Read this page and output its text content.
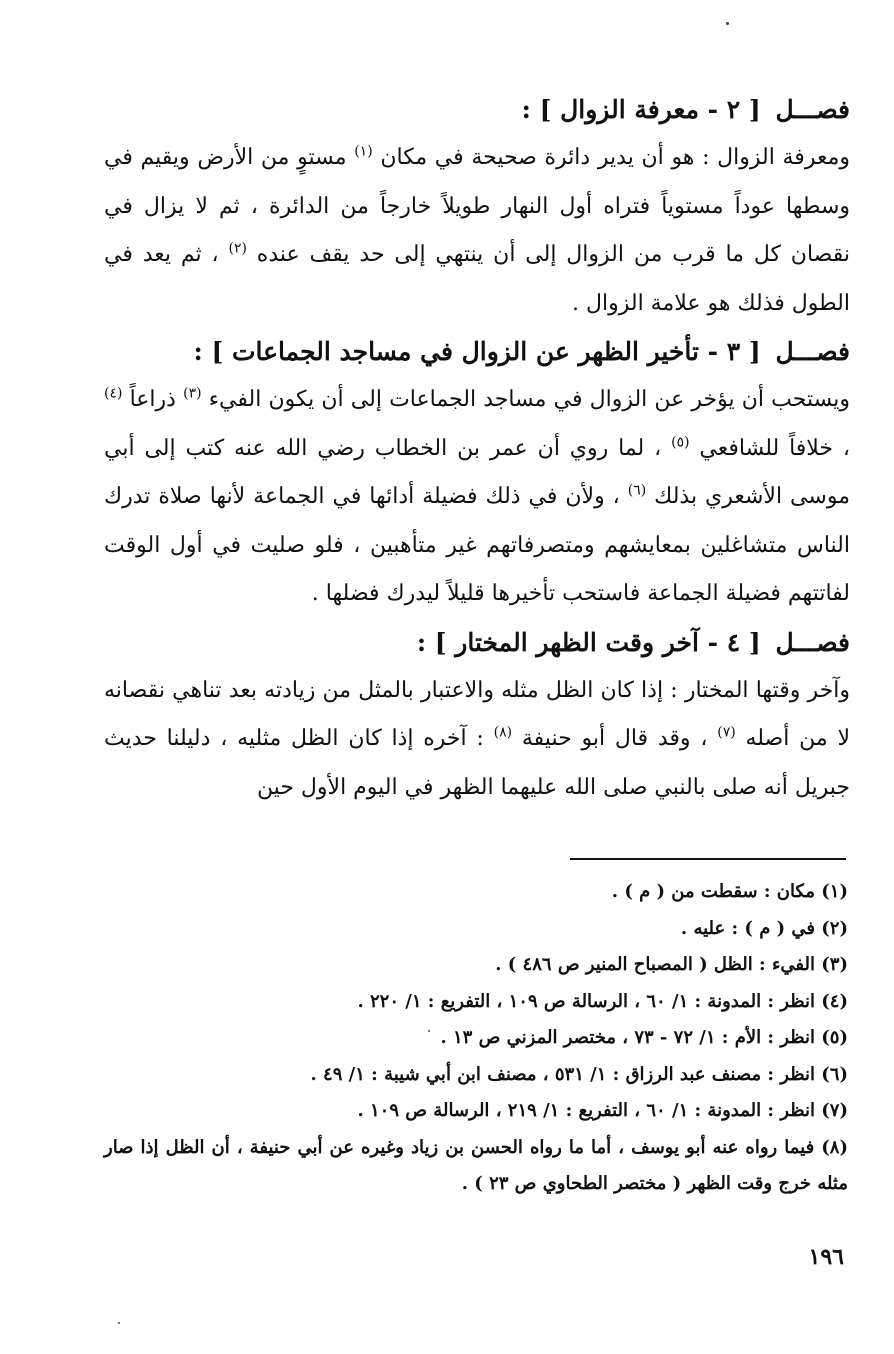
فصـــل [ ٢ - معرفة الزوال ] :

ومعرفة الزوال : هو أن يدير دائرة صحيحة في مكان $^{(١)}$ مستوٍ من الأرض ويقيم في وسطها عوداً مستوياً فتراه أول النهار طويلاً خارجاً من الدائرة ، ثم لا يزال في نقصان كل ما قرب من الزوال إلى أن ينتهي إلى حد يقف عنده $^{(٢)}$ ، ثم يعد في الطول فذلك هو علامة الزوال .

فصـــل [ ٣ - تأخير الظهر عن الزوال في مساجد الجماعات ] :

ويستحب أن يؤخر عن الزوال في مساجد الجماعات إلى أن يكون الفيء $^{(٣)}$ ذراعاً $^{(٤)}$ ، خلافاً للشافعي $^{(٥)}$ ، لما روي أن عمر بن الخطاب رضي الله عنه كتب إلى أبي موسى الأشعري بذلك $^{(٦)}$ ، ولأن في ذلك فضيلة أدائها في الجماعة لأنها صلاة تدرك الناس متشاغلين بمعايشهم ومتصرفاتهم غير متأهبين ، فلو صليت في أول الوقت لفاتتهم فضيلة الجماعة فاستحب تأخيرها قليلاً ليدرك فضلها .

فصـــل [ ٤ - آخر وقت الظهر المختار ] :

وآخر وقتها المختار : إذا كان الظل مثله والاعتبار بالمثل من زيادته بعد تناهي نقصانه لا من أصله $^{(٧)}$ ، وقد قال أبو حنيفة $^{(٨)}$ : آخره إذا كان الظل مثليه ، دليلنا حديث جبريل أنه صلى بالنبي صلى الله عليهما الظهر في اليوم الأول حين

(١) مكان : سقطت من ( م ) .

(٢) في ( م ) : عليه .

(٣) الفيء : الظل ( المصباح المنير ص ٤٨٦ ) .

(٤) انظر : المدونة : ١/ ٦٠ ، الرسالة ص ١٠٩ ، التفريع : ١/ ٢٢٠ .

(٥) انظر : الأم : ١/ ٧٢ - ٧٣ ، مختصر المزني ص ١٣ .

(٦) انظر : مصنف عبد الرزاق : ١/ ٥٣١ ، مصنف ابن أبي شيبة : ١/ ٤٩ .

(٧) انظر : المدونة : ١/ ٦٠ ، التفريع : ١/ ٢١٩ ، الرسالة ص ١٠٩ .

(٨) فيما رواه عنه أبو يوسف ، أما ما رواه الحسن بن زياد وغيره عن أبي حنيفة ، أن الظل إذا صار مثله خرج وقت الظهر ( مختصر الطحاوي ص ٢٣ ) .

١٩٦
